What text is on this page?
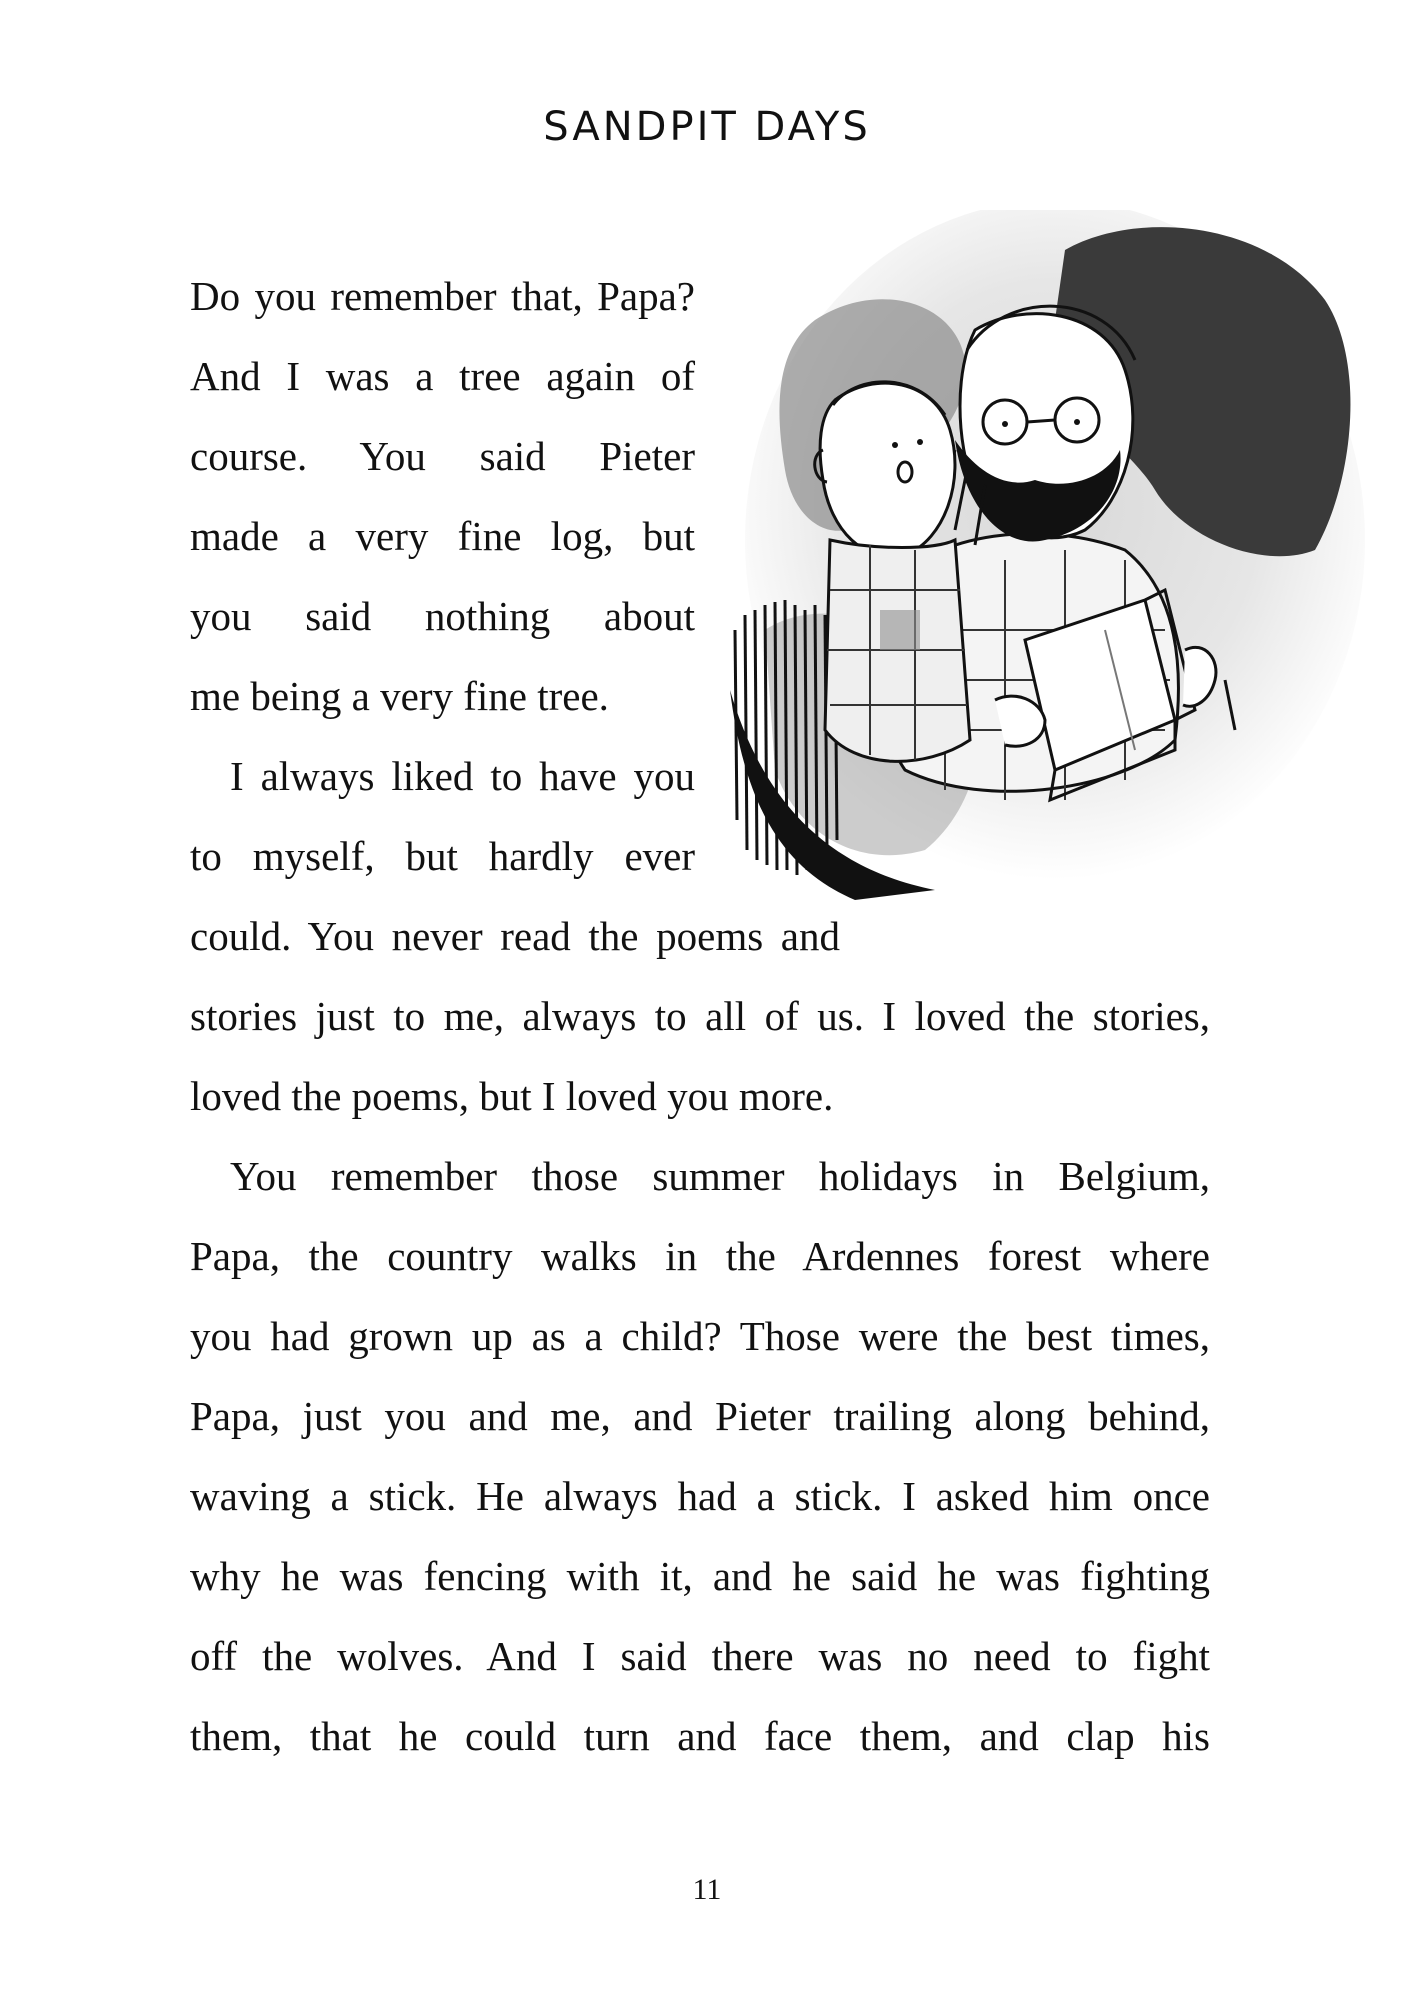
SANDPIT DAYS
Do you remember that, Papa?
And I was a tree again of
course. You said Pieter
made a very fine log, but
you said nothing about
me being a very fine tree.
I always liked to have you
to myself, but hardly ever
could. You never read the poems and
stories just to me, always to all of us. I loved the stories,
loved the poems, but I loved you more.
You remember those summer holidays in Belgium,
Papa, the country walks in the Ardennes forest where
you had grown up as a child? Those were the best times,
Papa, just you and me, and Pieter trailing along behind,
waving a stick. He always had a stick. I asked him once
why he was fencing with it, and he said he was fighting
off the wolves. And I said there was no need to fight
them, that he could turn and face them, and clap his
11
